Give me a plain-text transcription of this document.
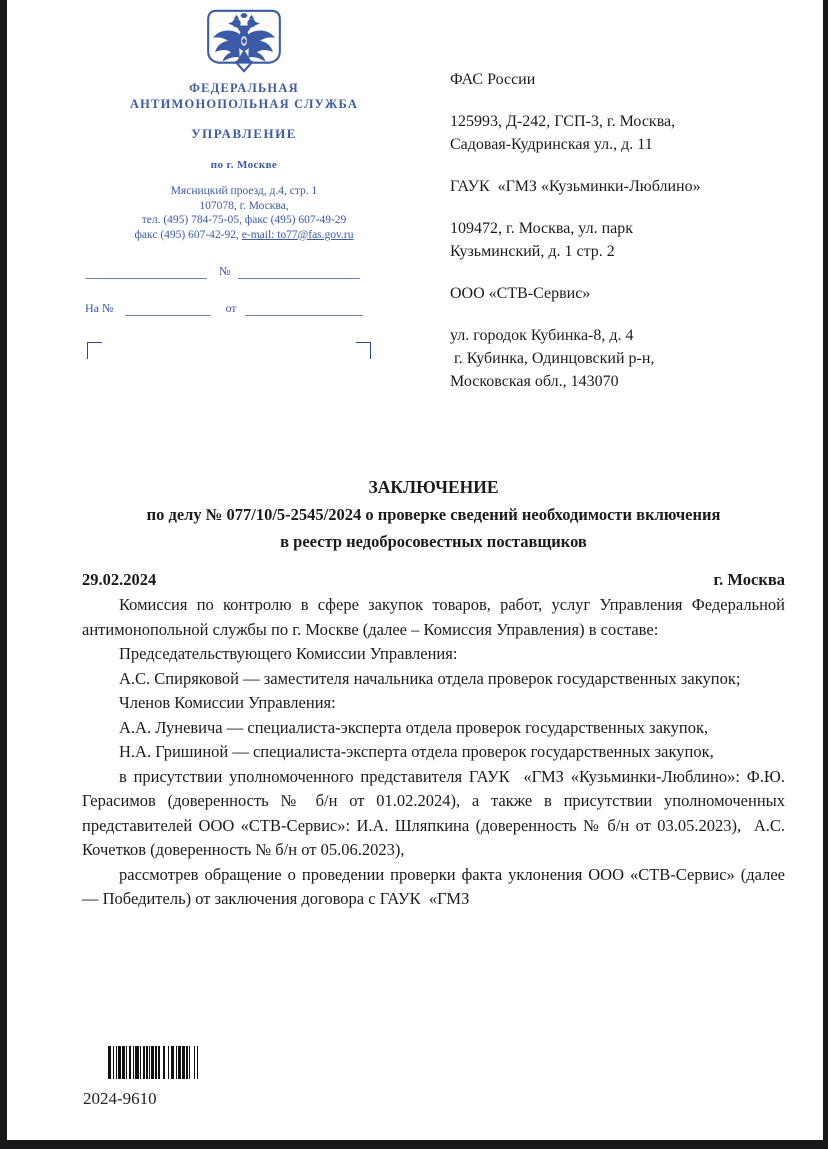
ФЕДЕРАЛЬНАЯ
АНТИМОНОПОЛЬНАЯ СЛУЖБА
УПРАВЛЕНИЕ
по г. Москве
Мясницкий проезд, д.4, стр. 1
107078, г. Москва,
тел. (495) 784-75-05, факс (495) 607-49-29
факс (495) 607-42-92, e-mail: to77@fas.gov.ru
№
На №	от
ФАС России
125993, Д-242, ГСП-3, г. Москва,
Садовая-Кудринская ул., д. 11
ГАУК  «ГМЗ «Кузьминки-Люблино»
109472, г. Москва, ул. парк
Кузьминский, д. 1 стр. 2
ООО «СТВ-Сервис»
ул. городок Кубинка-8, д. 4
г. Кубинка, Одинцовский р-н,
Московская обл., 143070
ЗАКЛЮЧЕНИЕ
по делу № 077/10/5-2545/2024 о проверке сведений необходимости включения
в реестр недобросовестных поставщиков
29.02.2024	г. Москва

Комиссия по контролю в сфере закупок товаров, работ, услуг Управления Федеральной антимонопольной службы по г. Москве (далее – Комиссия Управления) в составе:

Председательствующего Комиссии Управления:

А.С. Спиряковой — заместителя начальника отдела проверок государственных закупок;

Членов Комиссии Управления:

А.А. Луневича — специалиста-эксперта отдела проверок государственных закупок,

Н.А. Гришиной — специалиста-эксперта отдела проверок государственных закупок,

в присутствии уполномоченного представителя ГАУК  «ГМЗ «Кузьминки-Люблино»: Ф.Ю. Герасимов (доверенность № б/н от 01.02.2024), а также в присутствии уполномоченных представителей ООО «СТВ-Сервис»: И.А. Шляпкина (доверенность № б/н от 03.05.2023),  А.С. Кочетков (доверенность № б/н от 05.06.2023),

рассмотрев обращение о проведении проверки факта уклонения ООО «СТВ-Сервис» (далее — Победитель) от заключения договора с ГАУК  «ГМЗ

2024-9610
